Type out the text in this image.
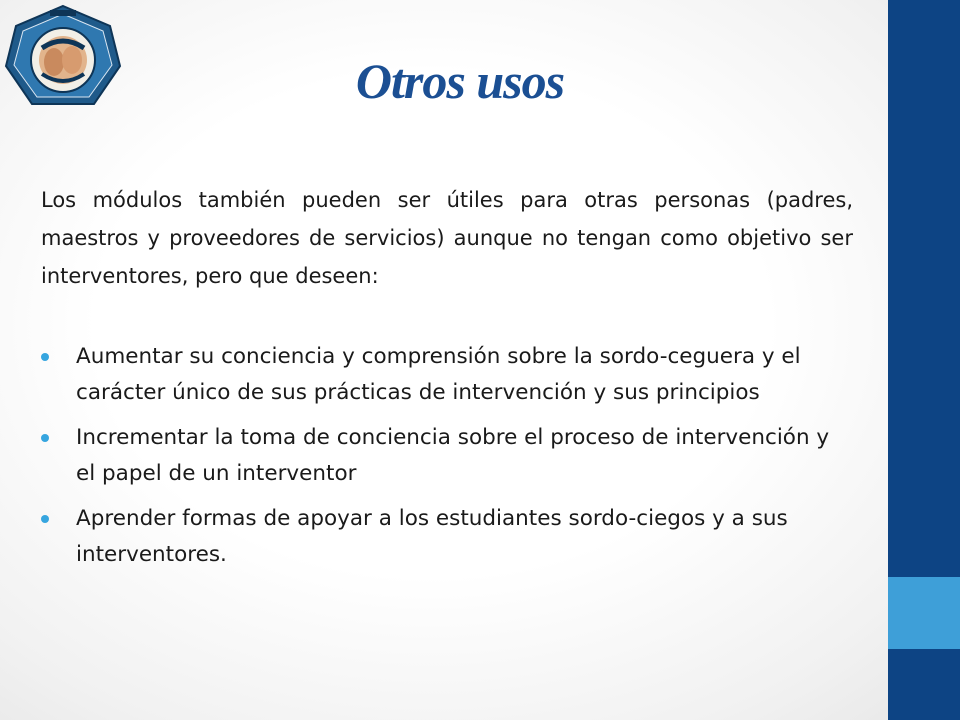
Otros usos

Los módulos también pueden ser útiles para otras personas (padres, maestros y proveedores de servicios) aunque no tengan como objetivo ser interventores, pero que deseen:

Aumentar su conciencia y comprensión sobre la sordo-ceguera y el carácter único de sus prácticas de intervención y sus principios
Incrementar la toma de conciencia sobre el proceso de intervención y el papel de un interventor
Aprender formas de apoyar a los estudiantes sordo-ciegos y a sus interventores.
